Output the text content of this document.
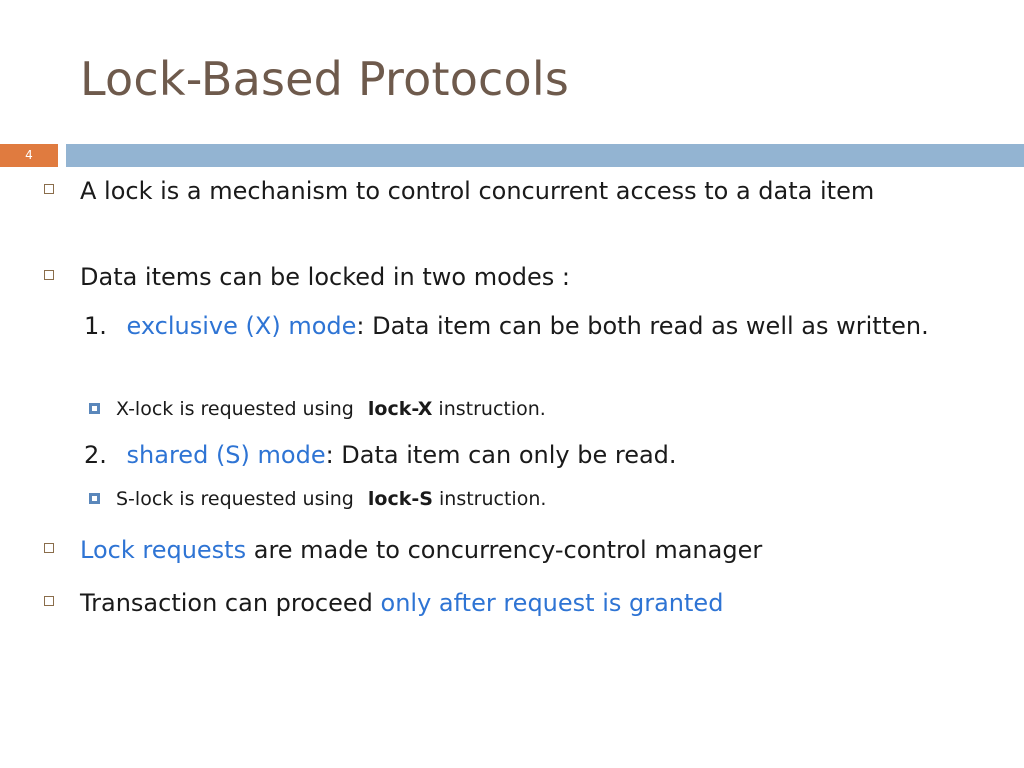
Lock-Based Protocols
4
A lock is a mechanism to control concurrent access to a data item
Data items can be locked in two modes :
1. exclusive (X) mode: Data item can be both read as well as written.
X-lock is requested using lock-X instruction.
2. shared (S) mode: Data item can only be read.
S-lock is requested using lock-S instruction.
Lock requests are made to concurrency-control manager
Transaction can proceed only after request is granted
